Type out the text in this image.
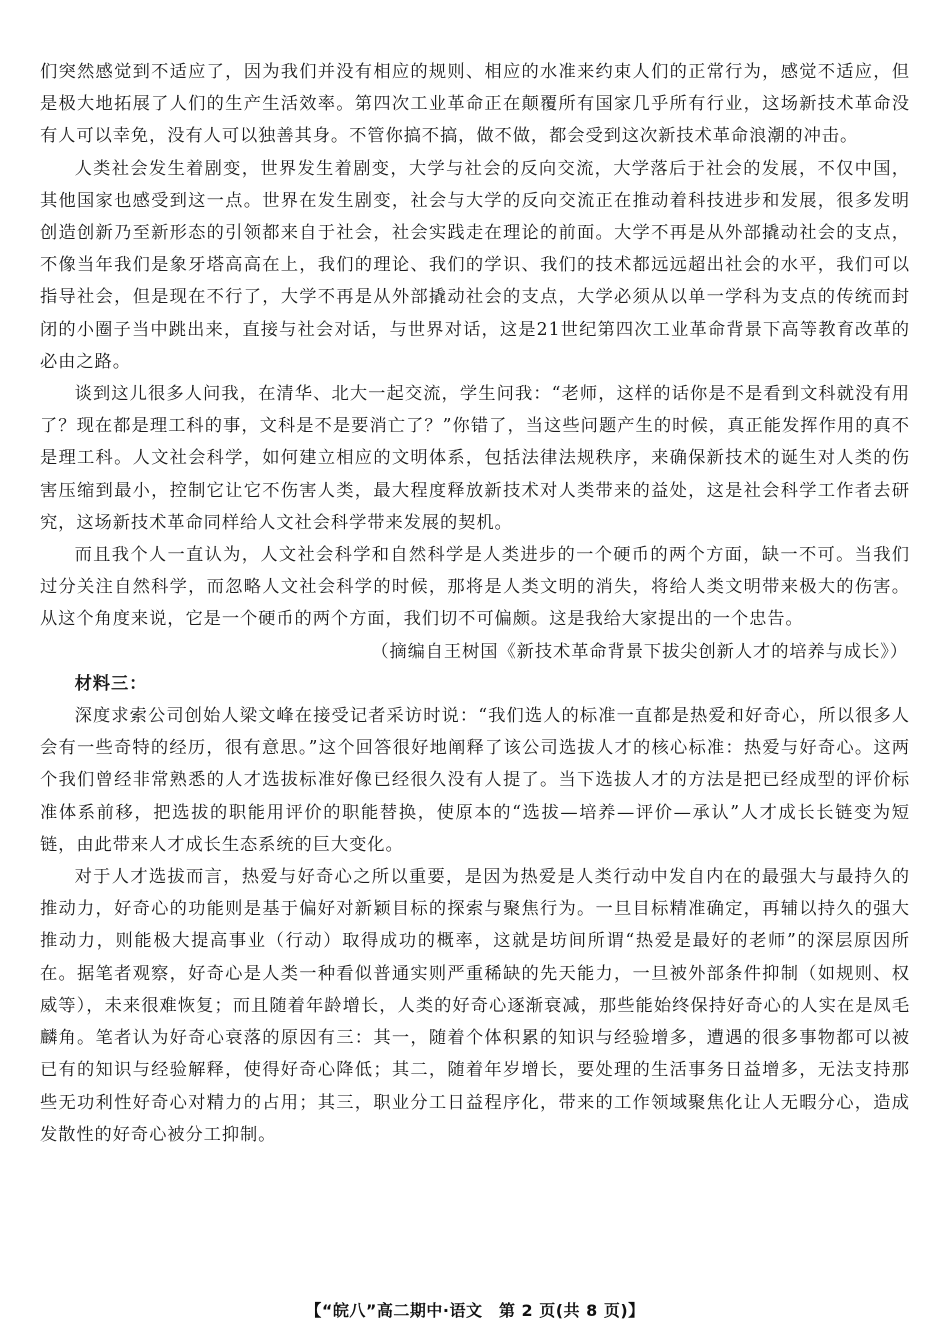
们突然感觉到不适应了，因为我们并没有相应的规则、相应的水准来约束人们的正常行为，感觉不适应，但是极大地拓展了人们的生产生活效率。第四次工业革命正在颠覆所有国家几乎所有行业，这场新技术革命没有人可以幸免，没有人可以独善其身。不管你搞不搞，做不做，都会受到这次新技术革命浪潮的冲击。

人类社会发生着剧变，世界发生着剧变，大学与社会的反向交流，大学落后于社会的发展，不仅中国，其他国家也感受到这一点。世界在发生剧变，社会与大学的反向交流正在推动着科技进步和发展，很多发明创造创新乃至新形态的引领都来自于社会，社会实践走在理论的前面。大学不再是从外部撬动社会的支点，不像当年我们是象牙塔高高在上，我们的理论、我们的学识、我们的技术都远远超出社会的水平，我们可以指导社会，但是现在不行了，大学不再是从外部撬动社会的支点，大学必须从以单一学科为支点的传统而封闭的小圈子当中跳出来，直接与社会对话，与世界对话，这是21世纪第四次工业革命背景下高等教育改革的必由之路。

谈到这儿很多人问我，在清华、北大一起交流，学生问我：“老师，这样的话你是不是看到文科就没有用了？现在都是理工科的事，文科是不是要消亡了？”你错了，当这些问题产生的时候，真正能发挥作用的真不是理工科。人文社会科学，如何建立相应的文明体系，包括法律法规秩序，来确保新技术的诞生对人类的伤害压缩到最小，控制它让它不伤害人类，最大程度释放新技术对人类带来的益处，这是社会科学工作者去研究，这场新技术革命同样给人文社会科学带来发展的契机。

而且我个人一直认为，人文社会科学和自然科学是人类进步的一个硬币的两个方面，缺一不可。当我们过分关注自然科学，而忽略人文社会科学的时候，那将是人类文明的消失，将给人类文明带来极大的伤害。从这个角度来说，它是一个硬币的两个方面，我们切不可偏颇。这是我给大家提出的一个忠告。

（摘编自王树国《新技术革命背景下拔尖创新人才的培养与成长》）

材料三：

深度求索公司创始人梁文峰在接受记者采访时说：“我们选人的标准一直都是热爱和好奇心，所以很多人会有一些奇特的经历，很有意思。”这个回答很好地阐释了该公司选拔人才的核心标准：热爱与好奇心。这两个我们曾经非常熟悉的人才选拔标准好像已经很久没有人提了。当下选拔人才的方法是把已经成型的评价标准体系前移，把选拔的职能用评价的职能替换，使原本的“选拔—培养—评价—承认”人才成长长链变为短链，由此带来人才成长生态系统的巨大变化。

对于人才选拔而言，热爱与好奇心之所以重要，是因为热爱是人类行动中发自内在的最强大与最持久的推动力，好奇心的功能则是基于偏好对新颖目标的探索与聚焦行为。一旦目标精准确定，再辅以持久的强大推动力，则能极大提高事业（行动）取得成功的概率，这就是坊间所谓“热爱是最好的老师”的深层原因所在。据笔者观察，好奇心是人类一种看似普通实则严重稀缺的先天能力，一旦被外部条件抑制（如规则、权威等），未来很难恢复；而且随着年龄增长，人类的好奇心逐渐衰减，那些能始终保持好奇心的人实在是凤毛麟角。笔者认为好奇心衰落的原因有三：其一，随着个体积累的知识与经验增多，遭遇的很多事物都可以被已有的知识与经验解释，使得好奇心降低；其二，随着年岁增长，要处理的生活事务日益增多，无法支持那些无功利性好奇心对精力的占用；其三，职业分工日益程序化，带来的工作领域聚焦化让人无暇分心，造成发散性的好奇心被分工抑制。

【“皖八”高二期中·语文　第 2 页(共 8 页)】
